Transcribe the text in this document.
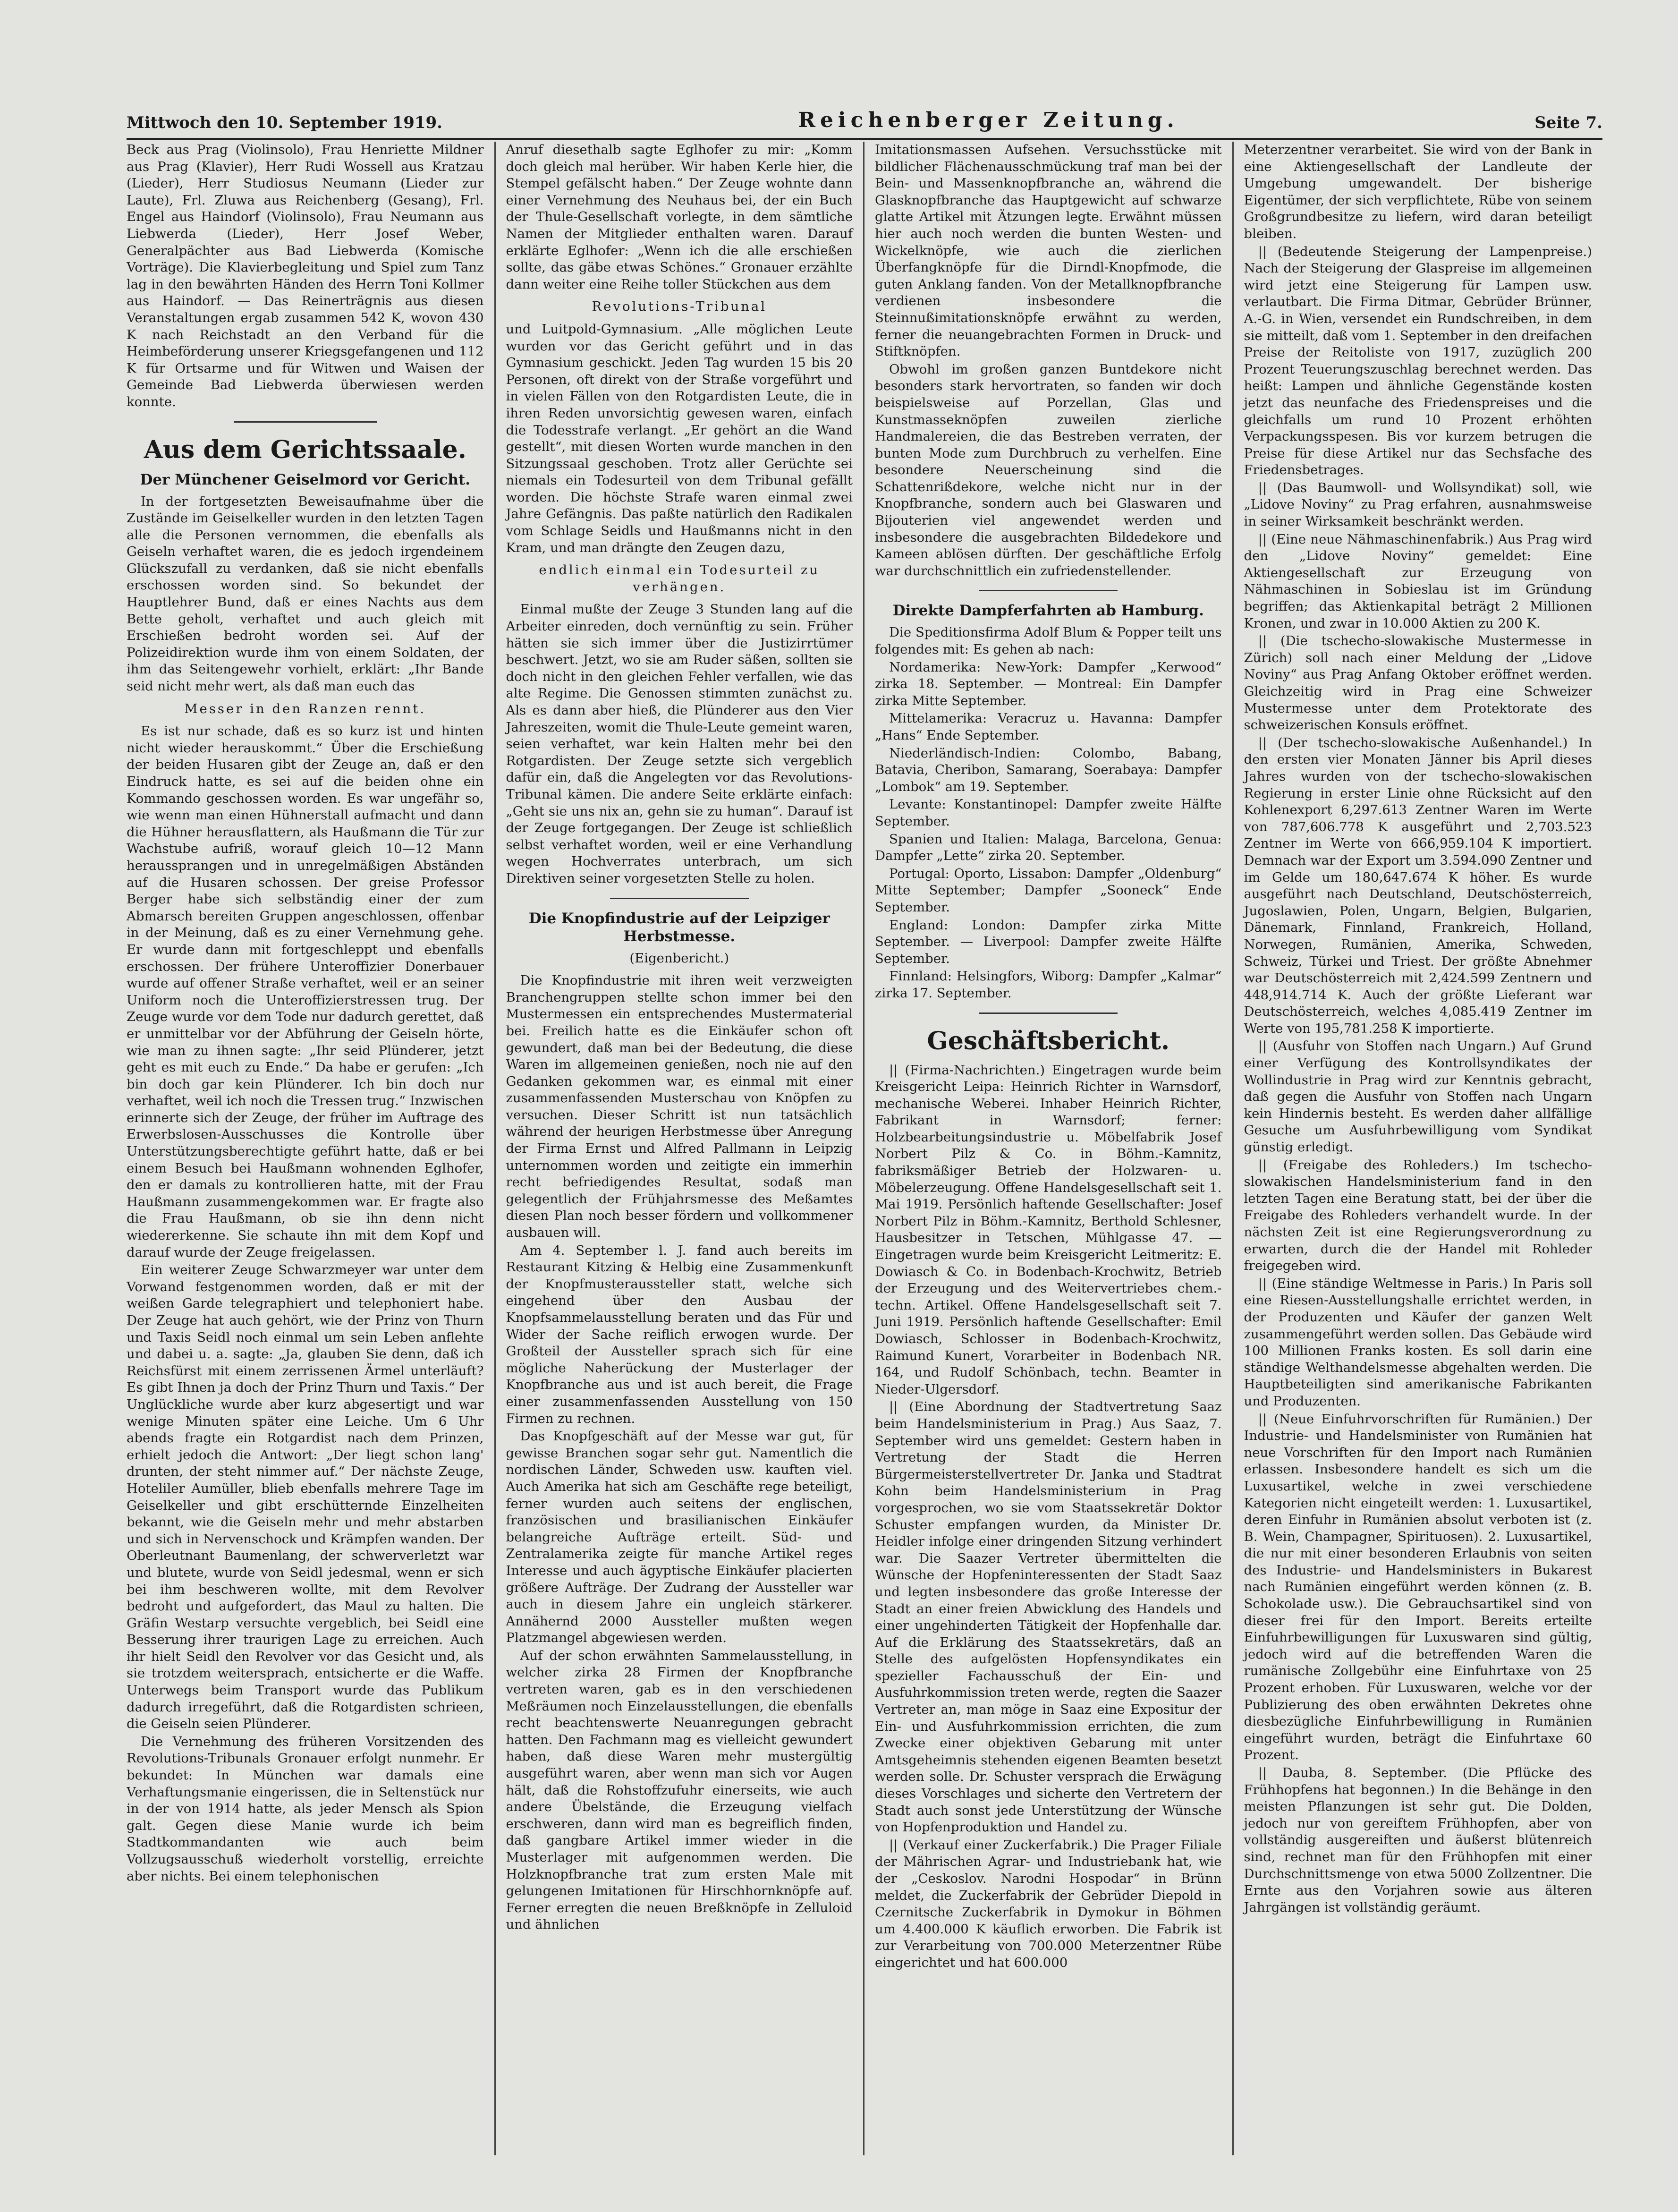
Mittwoch den 10. September 1919.	Reichenberger Zeitung.	Seite 7.

Beck aus Prag (Violinsolo), Frau Henriette Mildner aus Prag (Klavier), Herr Rudi Wossell aus Kratzau (Lieder), Herr Studiosus Neumann (Lieder zur Laute), Frl. Zluwa aus Reichenberg (Gesang), Frl. Engel aus Haindorf (Violinsolo), Frau Neumann aus Liebwerda (Lieder), Herr Josef Weber, Generalpächter aus Bad Liebwerda (Komische Vorträge). Die Klavierbegleitung und Spiel zum Tanz lag in den bewährten Händen des Herrn Toni Kollmer aus Haindorf. — Das Reinerträgnis aus diesen Veranstaltungen ergab zusammen 542 K, wovon 430 K nach Reichstadt an den Verband für die Heimbeförderung unserer Kriegsgefangenen und 112 K für Ortsarme und für Witwen und Waisen der Gemeinde Bad Liebwerda überwiesen werden konnte.

Aus dem Gerichtssaale.
Der Münchener Geiselmord vor Gericht.

In der fortgesetzten Beweisaufnahme über die Zustände im Geiselkeller wurden in den letzten Tagen alle die Personen vernommen, die ebenfalls als Geiseln verhaftet waren, die es jedoch irgendeinem Glückszufall zu verdanken, daß sie nicht ebenfalls erschossen worden sind. So bekundet der Hauptlehrer Bund, daß er eines Nachts aus dem Bette geholt, verhaftet und auch gleich mit Erschießen bedroht worden sei. Auf der Polizeidirektion wurde ihm von einem Soldaten, der ihm das Seitengewehr vorhielt, erklärt: „Ihr Bande seid nicht mehr wert, als daß man euch das

Messer in den Ranzen rennt.

Es ist nur schade, daß es so kurz ist und hinten nicht wieder herauskommt.“ Über die Erschießung der beiden Husaren gibt der Zeuge an, daß er den Eindruck hatte, es sei auf die beiden ohne ein Kommando geschossen worden. Es war ungefähr so, wie wenn man einen Hühnerstall aufmacht und dann die Hühner herausflattern, als Haußmann die Tür zur Wachstube aufriß, worauf gleich 10—12 Mann heraussprangen und in unregelmäßigen Abständen auf die Husaren schossen. Der greise Professor Berger habe sich selbständig einer der zum Abmarsch bereiten Gruppen angeschlossen, offenbar in der Meinung, daß es zu einer Vernehmung gehe. Er wurde dann mit fortgeschleppt und ebenfalls erschossen. Der frühere Unteroffizier Donerbauer wurde auf offener Straße verhaftet, weil er an seiner Uniform noch die Unteroffizierstressen trug. Der Zeuge wurde vor dem Tode nur dadurch gerettet, daß er unmittelbar vor der Abführung der Geiseln hörte, wie man zu ihnen sagte: „Ihr seid Plünderer, jetzt geht es mit euch zu Ende.“ Da habe er gerufen: „Ich bin doch gar kein Plünderer. Ich bin doch nur verhaftet, weil ich noch die Tressen trug.“ Inzwischen erinnerte sich der Zeuge, der früher im Auftrage des Erwerbslosen-Ausschusses die Kontrolle über Unterstützungsberechtigte geführt hatte, daß er bei einem Besuch bei Haußmann wohnenden Eglhofer, den er damals zu kontrollieren hatte, mit der Frau Haußmann zusammengekommen war. Er fragte also die Frau Haußmann, ob sie ihn denn nicht wiedererkenne. Sie schaute ihn mit dem Kopf und darauf wurde der Zeuge freigelassen.

Ein weiterer Zeuge Schwarzmeyer war unter dem Vorwand festgenommen worden, daß er mit der weißen Garde telegraphiert und telephoniert habe. Der Zeuge hat auch gehört, wie der Prinz von Thurn und Taxis Seidl noch einmal um sein Leben anflehte und dabei u. a. sagte: „Ja, glauben Sie denn, daß ich Reichsfürst mit einem zerrissenen Ärmel unterläuft? Es gibt Ihnen ja doch der Prinz Thurn und Taxis.“ Der Unglückliche wurde aber kurz abgesertigt und war wenige Minuten später eine Leiche. Um 6 Uhr abends fragte ein Rotgardist nach dem Prinzen, erhielt jedoch die Antwort: „Der liegt schon lang' drunten, der steht nimmer auf.“ Der nächste Zeuge, Hoteliler Aumüller, blieb ebenfalls mehrere Tage im Geiselkeller und gibt erschütternde Einzelheiten bekannt, wie die Geiseln mehr und mehr abstarben und sich in Nervenschock und Krämpfen wanden. Der Oberleutnant Baumenlang, der schwerverletzt war und blutete, wurde von Seidl jedesmal, wenn er sich bei ihm beschweren wollte, mit dem Revolver bedroht und aufgefordert, das Maul zu halten. Die Gräfin Westarp versuchte vergeblich, bei Seidl eine Besserung ihrer traurigen Lage zu erreichen. Auch ihr hielt Seidl den Revolver vor das Gesicht und, als sie trotzdem weitersprach, entsicherte er die Waffe. Unterwegs beim Transport wurde das Publikum dadurch irregeführt, daß die Rotgardisten schrieen, die Geiseln seien Plünderer.

Die Vernehmung des früheren Vorsitzenden des Revolutions-Tribunals Gronauer erfolgt nunmehr. Er bekundet: In München war damals eine Verhaftungsmanie eingerissen, die in Seltenstück nur in der von 1914 hatte, als jeder Mensch als Spion galt. Gegen diese Manie wurde ich beim Stadtkommandanten wie auch beim Vollzugsausschuß wiederholt vorstellig, erreichte aber nichts. Bei einem telephonischen

Anruf diesethalb sagte Eglhofer zu mir: „Komm doch gleich mal herüber. Wir haben Kerle hier, die Stempel gefälscht haben.“ Der Zeuge wohnte dann einer Vernehmung des Neuhaus bei, der ein Buch der Thule-Gesellschaft vorlegte, in dem sämtliche Namen der Mitglieder enthalten waren. Darauf erklärte Eglhofer: „Wenn ich die alle erschießen sollte, das gäbe etwas Schönes.“ Gronauer erzählte dann weiter eine Reihe toller Stückchen aus dem

Revolutions-Tribunal

und Luitpold-Gymnasium. „Alle möglichen Leute wurden vor das Gericht geführt und in das Gymnasium geschickt. Jeden Tag wurden 15 bis 20 Personen, oft direkt von der Straße vorgeführt und in vielen Fällen von den Rotgardisten Leute, die in ihren Reden unvorsichtig gewesen waren, einfach die Todesstrafe verlangt. „Er gehört an die Wand gestellt“, mit diesen Worten wurde manchen in den Sitzungssaal geschoben. Trotz aller Gerüchte sei niemals ein Todesurteil von dem Tribunal gefällt worden. Die höchste Strafe waren einmal zwei Jahre Gefängnis. Das paßte natürlich den Radikalen vom Schlage Seidls und Haußmanns nicht in den Kram, und man drängte den Zeugen dazu,

endlich einmal ein Todesurteil zu verhängen.

Einmal mußte der Zeuge 3 Stunden lang auf die Arbeiter einreden, doch vernünftig zu sein. Früher hätten sie sich immer über die Justizirrtümer beschwert. Jetzt, wo sie am Ruder säßen, sollten sie doch nicht in den gleichen Fehler verfallen, wie das alte Regime. Die Genossen stimmten zunächst zu. Als es dann aber hieß, die Plünderer aus den Vier Jahreszeiten, womit die Thule-Leute gemeint waren, seien verhaftet, war kein Halten mehr bei den Rotgardisten. Der Zeuge setzte sich vergeblich dafür ein, daß die Angelegten vor das Revolutions-Tribunal kämen. Die andere Seite erklärte einfach: „Geht sie uns nix an, gehn sie zu human“. Darauf ist der Zeuge fortgegangen. Der Zeuge ist schließlich selbst verhaftet worden, weil er eine Verhandlung wegen Hochverrates unterbrach, um sich Direktiven seiner vorgesetzten Stelle zu holen.

Die Knopfindustrie auf der Leipziger Herbstmesse.

(Eigenbericht.)

Die Knopfindustrie mit ihren weit verzweigten Branchengruppen stellte schon immer bei den Mustermessen ein entsprechendes Mustermaterial bei. Freilich hatte es die Einkäufer schon oft gewundert, daß man bei der Bedeutung, die diese Waren im allgemeinen genießen, noch nie auf den Gedanken gekommen war, es einmal mit einer zusammenfassenden Musterschau von Knöpfen zu versuchen. Dieser Schritt ist nun tatsächlich während der heurigen Herbstmesse über Anregung der Firma Ernst und Alfred Pallmann in Leipzig unternommen worden und zeitigte ein immerhin recht befriedigendes Resultat, sodaß man gelegentlich der Frühjahrsmesse des Meßamtes diesen Plan noch besser fördern und vollkommener ausbauen will.

Am 4. September l. J. fand auch bereits im Restaurant Kitzing & Helbig eine Zusammenkunft der Knopfmusteraussteller statt, welche sich eingehend über den Ausbau der Knopfsammelausstellung beraten und das Für und Wider der Sache reiflich erwogen wurde. Der Großteil der Aussteller sprach sich für eine mögliche Naherückung der Musterlager der Knopfbranche aus und ist auch bereit, die Frage einer zusammenfassenden Ausstellung von 150 Firmen zu rechnen.

Das Knopfgeschäft auf der Messe war gut, für gewisse Branchen sogar sehr gut. Namentlich die nordischen Länder, Schweden usw. kauften viel. Auch Amerika hat sich am Geschäfte rege beteiligt, ferner wurden auch seitens der englischen, französischen und brasilianischen Einkäufer belangreiche Aufträge erteilt. Süd- und Zentralamerika zeigte für manche Artikel reges Interesse und auch ägyptische Einkäufer placierten größere Aufträge. Der Zudrang der Aussteller war auch in diesem Jahre ein ungleich stärkerer. Annähernd 2000 Aussteller mußten wegen Platzmangel abgewiesen werden.

Auf der schon erwähnten Sammelausstellung, in welcher zirka 28 Firmen der Knopfbranche vertreten waren, gab es in den verschiedenen Meßräumen noch Einzelausstellungen, die ebenfalls recht beachtenswerte Neuanregungen gebracht hatten. Den Fachmann mag es vielleicht gewundert haben, daß diese Waren mehr mustergültig ausgeführt waren, aber wenn man sich vor Augen hält, daß die Rohstoffzufuhr einerseits, wie auch andere Übelstände, die Erzeugung vielfach erschweren, dann wird man es begreiflich finden, daß gangbare Artikel immer wieder in die Musterlager mit aufgenommen werden. Die Holzknopfbranche trat zum ersten Male mit gelungenen Imitationen für Hirschhornknöpfe auf. Ferner erregten die neuen Breßknöpfe in Zelluloid und ähnlichen

Imitationsmassen Aufsehen. Versuchsstücke mit bildlicher Flächenausschmückung traf man bei der Bein- und Massenknopfbranche an, während die Glasknopfbranche das Hauptgewicht auf schwarze glatte Artikel mit Ätzungen legte. Erwähnt müssen hier auch noch werden die bunten Westen- und Wickelknöpfe, wie auch die zierlichen Überfangknöpfe für die Dirndl-Knopfmode, die guten Anklang fanden. Von der Metallknopfbranche verdienen insbesondere die Steinnußimitationsknöpfe erwähnt zu werden, ferner die neuangebrachten Formen in Druck- und Stiftknöpfen.

Obwohl im großen ganzen Buntdekore nicht besonders stark hervortraten, so fanden wir doch beispielsweise auf Porzellan, Glas und Kunstmasseknöpfen zuweilen zierliche Handmalereien, die das Bestreben verraten, der bunten Mode zum Durchbruch zu verhelfen. Eine besondere Neuerscheinung sind die Schattenrißdekore, welche nicht nur in der Knopfbranche, sondern auch bei Glaswaren und Bijouterien viel angewendet werden und insbesondere die ausgebrachten Bildedekore und Kameen ablösen dürften. Der geschäftliche Erfolg war durchschnittlich ein zufriedenstellender.

Direkte Dampferfahrten ab Hamburg.

Die Speditionsfirma Adolf Blum & Popper teilt uns folgendes mit: Es gehen ab nach:

Nordamerika: New-York: Dampfer „Kerwood“ zirka 18. September. — Montreal: Ein Dampfer zirka Mitte September.

Mittelamerika: Veracruz u. Havanna: Dampfer „Hans“ Ende September.

Niederländisch-Indien: Colombo, Babang, Batavia, Cheribon, Samarang, Soerabaya: Dampfer „Lombok“ am 19. September.

Levante: Konstantinopel: Dampfer zweite Hälfte September.

Spanien und Italien: Malaga, Barcelona, Genua: Dampfer „Lette“ zirka 20. September.

Portugal: Oporto, Lissabon: Dampfer „Oldenburg“ Mitte September; Dampfer „Sooneck“ Ende September.

England: London: Dampfer zirka Mitte September. — Liverpool: Dampfer zweite Hälfte September.

Finnland: Helsingfors, Wiborg: Dampfer „Kalmar“ zirka 17. September.

Geschäftsbericht.

|| (Firma-Nachrichten.) Eingetragen wurde beim Kreisgericht Leipa: Heinrich Richter in Warnsdorf, mechanische Weberei. Inhaber Heinrich Richter, Fabrikant in Warnsdorf; ferner: Holzbearbeitungsindustrie u. Möbelfabrik Josef Norbert Pilz & Co. in Böhm.-Kamnitz, fabriksmäßiger Betrieb der Holzwaren- u. Möbelerzeugung. Offene Handelsgesellschaft seit 1. Mai 1919. Persönlich haftende Gesellschafter: Josef Norbert Pilz in Böhm.-Kamnitz, Berthold Schlesner, Hausbesitzer in Tetschen, Mühlgasse 47. — Eingetragen wurde beim Kreisgericht Leitmeritz: E. Dowiasch & Co. in Bodenbach-Krochwitz, Betrieb der Erzeugung und des Weitervertriebes chem.-techn. Artikel. Offene Handelsgesellschaft seit 7. Juni 1919. Persönlich haftende Gesellschafter: Emil Dowiasch, Schlosser in Bodenbach-Krochwitz, Raimund Kunert, Vorarbeiter in Bodenbach NR. 164, und Rudolf Schönbach, techn. Beamter in Nieder-Ulgersdorf.

|| (Eine Abordnung der Stadtvertretung Saaz beim Handelsministerium in Prag.) Aus Saaz, 7. September wird uns gemeldet: Gestern haben in Vertretung der Stadt die Herren Bürgermeisterstellvertreter Dr. Janka und Stadtrat Kohn beim Handelsministerium in Prag vorgesprochen, wo sie vom Staatssekretär Doktor Schuster empfangen wurden, da Minister Dr. Heidler infolge einer dringenden Sitzung verhindert war. Die Saazer Vertreter übermittelten die Wünsche der Hopfeninteressenten der Stadt Saaz und legten insbesondere das große Interesse der Stadt an einer freien Abwicklung des Handels und einer ungehinderten Tätigkeit der Hopfenhalle dar. Auf die Erklärung des Staatssekretärs, daß an Stelle des aufgelösten Hopfensyndikates ein spezieller Fachausschuß der Ein- und Ausfuhrkommission treten werde, regten die Saazer Vertreter an, man möge in Saaz eine Expositur der Ein- und Ausfuhrkommission errichten, die zum Zwecke einer objektiven Gebarung mit unter Amtsgeheimnis stehenden eigenen Beamten besetzt werden solle. Dr. Schuster versprach die Erwägung dieses Vorschlages und sicherte den Vertretern der Stadt auch sonst jede Unterstützung der Wünsche von Hopfenproduktion und Handel zu.

|| (Verkauf einer Zuckerfabrik.) Die Prager Filiale der Mährischen Agrar- und Industriebank hat, wie der „Ceskoslov. Narodni Hospodar“ in Brünn meldet, die Zuckerfabrik der Gebrüder Diepold in Czernitsche Zuckerfabrik in Dymokur in Böhmen um 4.400.000 K käuflich erworben. Die Fabrik ist zur Verarbeitung von 700.000 Meterzentner Rübe eingerichtet und hat 600.000

Meterzentner verarbeitet. Sie wird von der Bank in eine Aktiengesellschaft der Landleute der Umgebung umgewandelt. Der bisherige Eigentümer, der sich verpflichtete, Rübe von seinem Großgrundbesitze zu liefern, wird daran beteiligt bleiben.

|| (Bedeutende Steigerung der Lampenpreise.) Nach der Steigerung der Glaspreise im allgemeinen wird jetzt eine Steigerung für Lampen usw. verlautbart. Die Firma Ditmar, Gebrüder Brünner, A.-G. in Wien, versendet ein Rundschreiben, in dem sie mitteilt, daß vom 1. September in den dreifachen Preise der Reitoliste von 1917, zuzüglich 200 Prozent Teuerungszuschlag berechnet werden. Das heißt: Lampen und ähnliche Gegenstände kosten jetzt das neunfache des Friedenspreises und die gleichfalls um rund 10 Prozent erhöhten Verpackungsspesen. Bis vor kurzem betrugen die Preise für diese Artikel nur das Sechsfache des Friedensbetrages.

|| (Das Baumwoll- und Wollsyndikat) soll, wie „Lidove Noviny“ zu Prag erfahren, ausnahmsweise in seiner Wirksamkeit beschränkt werden.

|| (Eine neue Nähmaschinenfabrik.) Aus Prag wird den „Lidove Noviny“ gemeldet: Eine Aktiengesellschaft zur Erzeugung von Nähmaschinen in Sobieslau ist im Gründung begriffen; das Aktienkapital beträgt 2 Millionen Kronen, und zwar in 10.000 Aktien zu 200 K.

|| (Die tschecho-slowakische Mustermesse in Zürich) soll nach einer Meldung der „Lidove Noviny“ aus Prag Anfang Oktober eröffnet werden. Gleichzeitig wird in Prag eine Schweizer Mustermesse unter dem Protektorate des schweizerischen Konsuls eröffnet.

|| (Der tschecho-slowakische Außenhandel.) In den ersten vier Monaten Jänner bis April dieses Jahres wurden von der tschecho-slowakischen Regierung in erster Linie ohne Rücksicht auf den Kohlenexport 6,297.613 Zentner Waren im Werte von 787,606.778 K ausgeführt und 2,703.523 Zentner im Werte von 666,959.104 K importiert. Demnach war der Export um 3.594.090 Zentner und im Gelde um 180,647.674 K höher. Es wurde ausgeführt nach Deutschland, Deutschösterreich, Jugoslawien, Polen, Ungarn, Belgien, Bulgarien, Dänemark, Finnland, Frankreich, Holland, Norwegen, Rumänien, Amerika, Schweden, Schweiz, Türkei und Triest. Der größte Abnehmer war Deutschösterreich mit 2,424.599 Zentnern und 448,914.714 K. Auch der größte Lieferant war Deutschösterreich, welches 4,085.419 Zentner im Werte von 195,781.258 K importierte.

|| (Ausfuhr von Stoffen nach Ungarn.) Auf Grund einer Verfügung des Kontrollsyndikates der Wollindustrie in Prag wird zur Kenntnis gebracht, daß gegen die Ausfuhr von Stoffen nach Ungarn kein Hindernis besteht. Es werden daher allfällige Gesuche um Ausfuhrbewilligung vom Syndikat günstig erledigt.

|| (Freigabe des Rohleders.) Im tschecho-slowakischen Handelsministerium fand in den letzten Tagen eine Beratung statt, bei der über die Freigabe des Rohleders verhandelt wurde. In der nächsten Zeit ist eine Regierungsverordnung zu erwarten, durch die der Handel mit Rohleder freigegeben wird.

|| (Eine ständige Weltmesse in Paris.) In Paris soll eine Riesen-Ausstellungshalle errichtet werden, in der Produzenten und Käufer der ganzen Welt zusammengeführt werden sollen. Das Gebäude wird 100 Millionen Franks kosten. Es soll darin eine ständige Welthandelsmesse abgehalten werden. Die Hauptbeteiligten sind amerikanische Fabrikanten und Produzenten.

|| (Neue Einfuhrvorschriften für Rumänien.) Der Industrie- und Handelsminister von Rumänien hat neue Vorschriften für den Import nach Rumänien erlassen. Insbesondere handelt es sich um die Luxusartikel, welche in zwei verschiedene Kategorien nicht eingeteilt werden: 1. Luxusartikel, deren Einfuhr in Rumänien absolut verboten ist (z. B. Wein, Champagner, Spirituosen). 2. Luxusartikel, die nur mit einer besonderen Erlaubnis von seiten des Industrie- und Handelsministers in Bukarest nach Rumänien eingeführt werden können (z. B. Schokolade usw.). Die Gebrauchsartikel sind von dieser frei für den Import. Bereits erteilte Einfuhrbewilligungen für Luxuswaren sind gültig, jedoch wird auf die betreffenden Waren die rumänische Zollgebühr eine Einfuhrtaxe von 25 Prozent erhoben. Für Luxuswaren, welche vor der Publizierung des oben erwähnten Dekretes ohne diesbezügliche Einfuhrbewilligung in Rumänien eingeführt wurden, beträgt die Einfuhrtaxe 60 Prozent.

|| Dauba, 8. September. (Die Pflücke des Frühhopfens hat begonnen.) In die Behänge in den meisten Pflanzungen ist sehr gut. Die Dolden, jedoch nur von gereiftem Frühhopfen, aber von vollständig ausgereiften und äußerst blütenreich sind, rechnet man für den Frühhopfen mit einer Durchschnittsmenge von etwa 5000 Zollzentner. Die Ernte aus den Vorjahren sowie aus älteren Jahrgängen ist vollständig geräumt.
